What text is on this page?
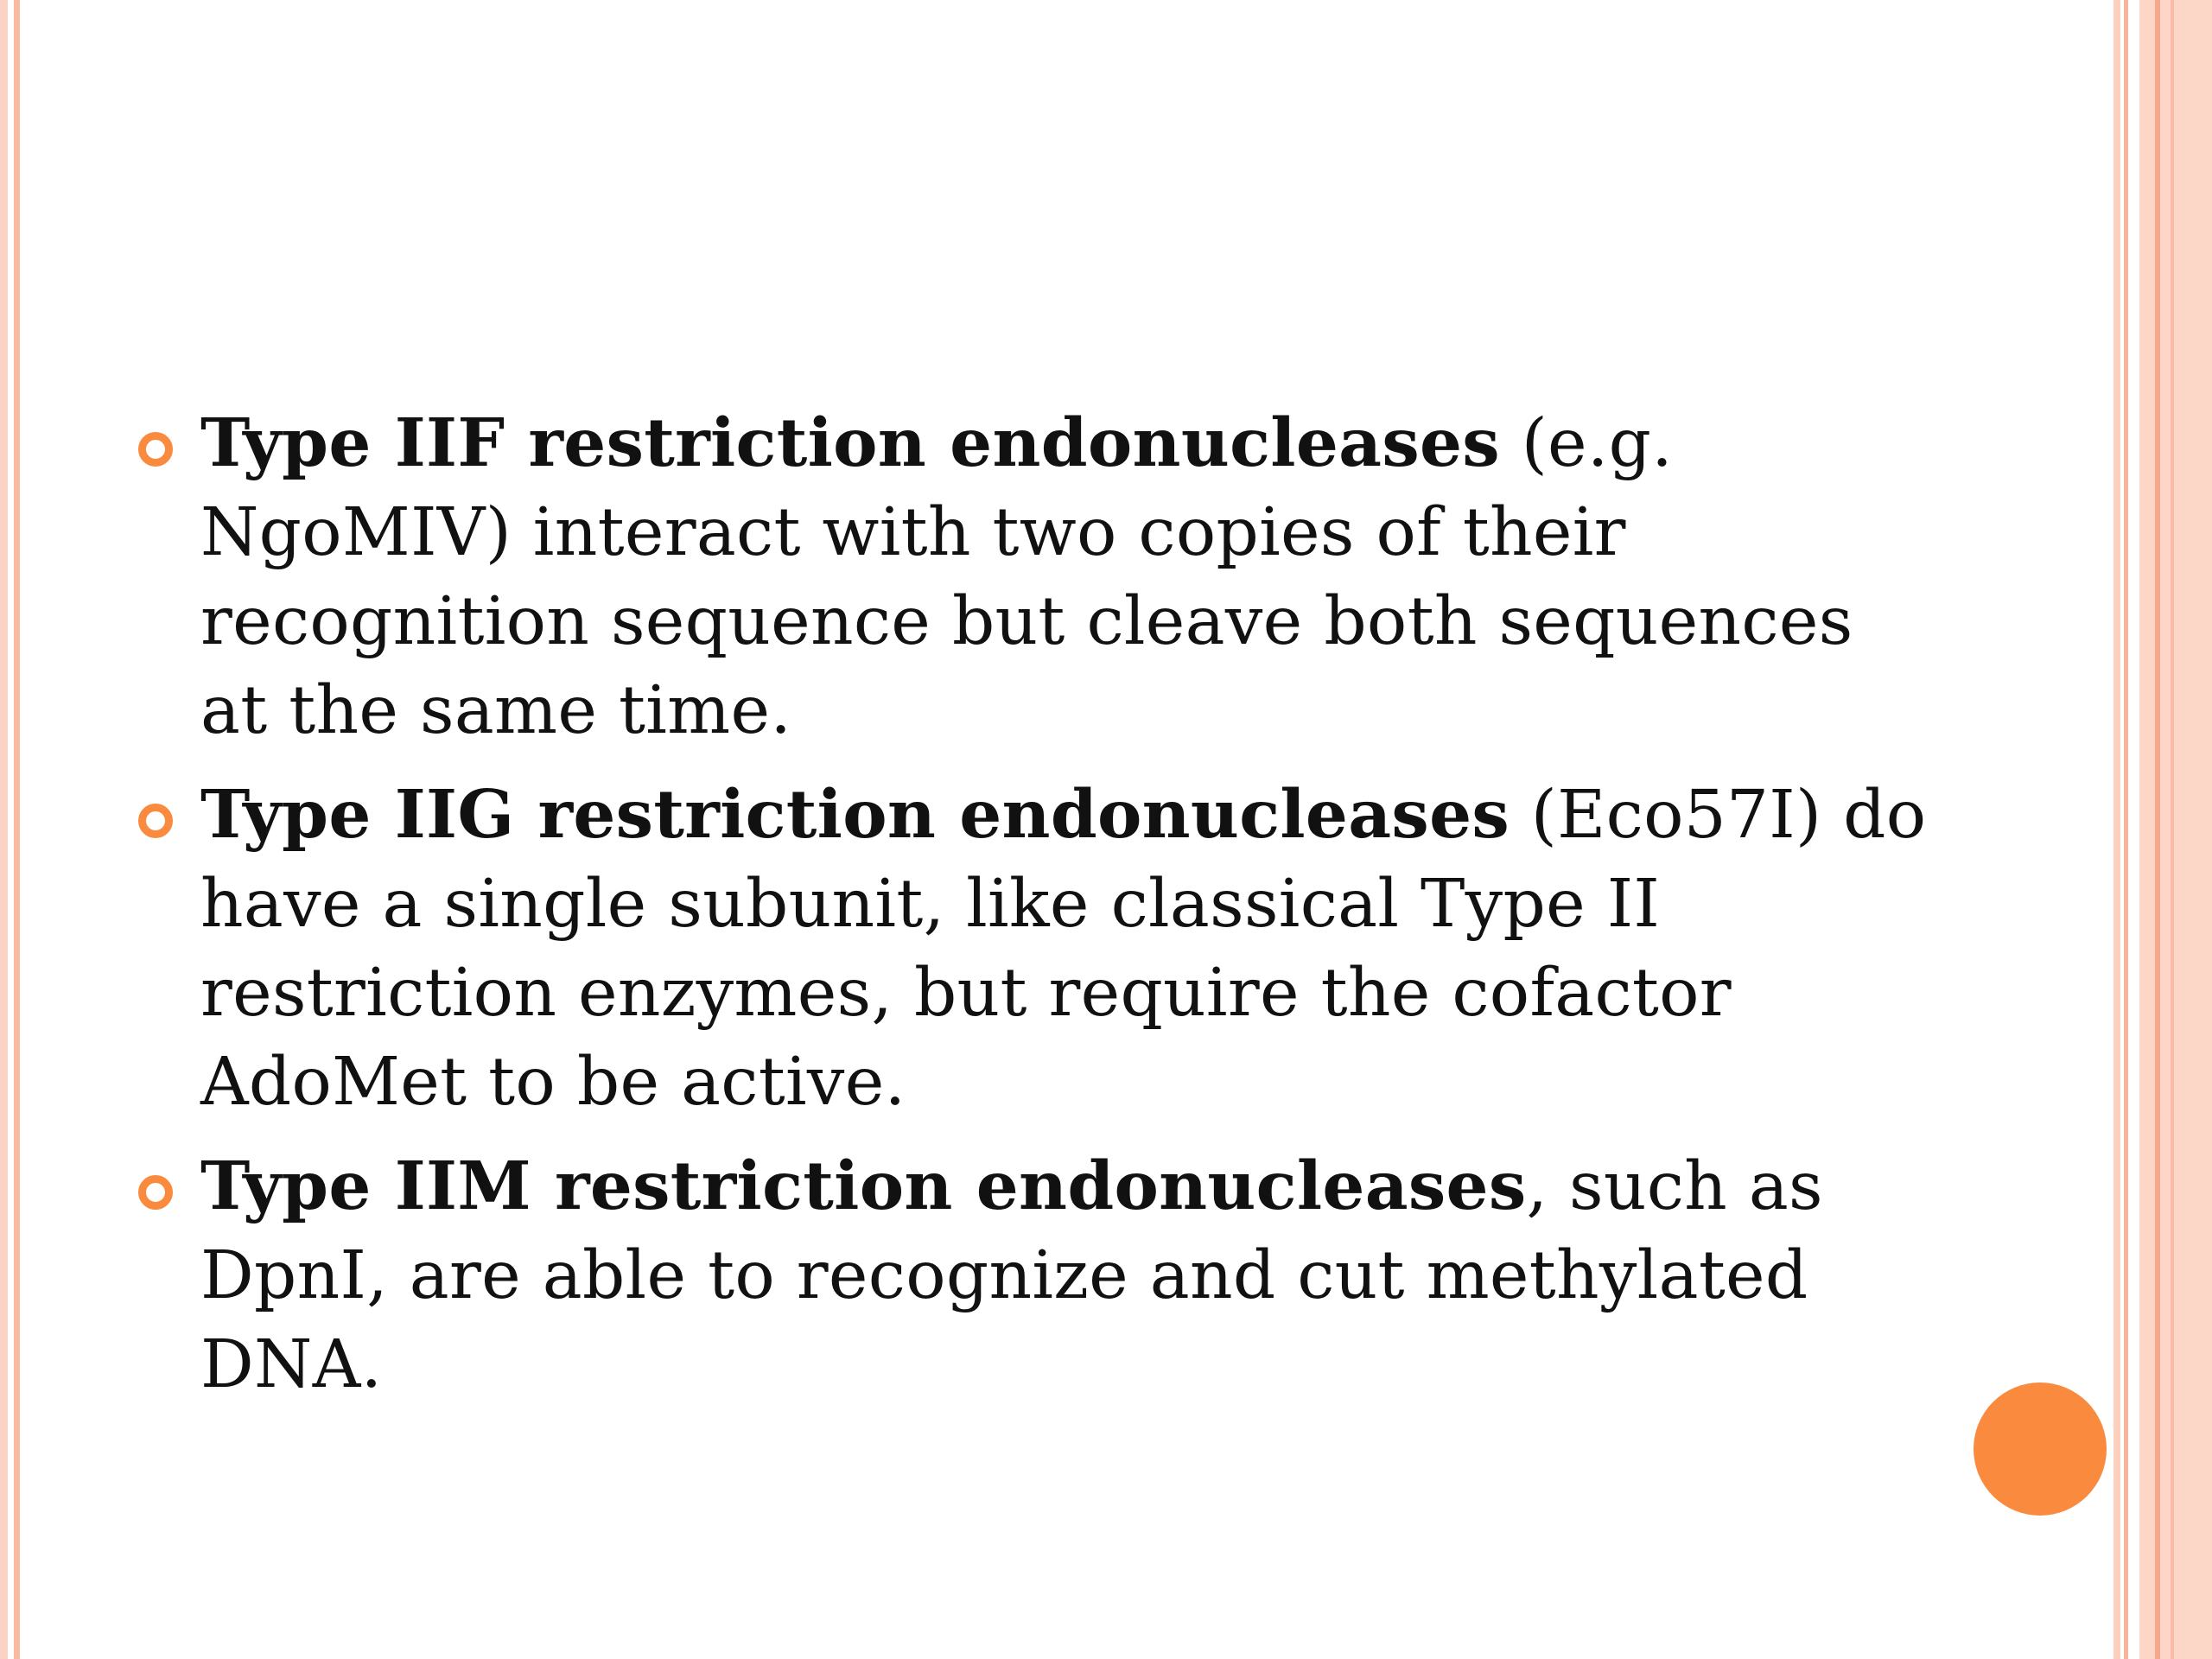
Type IIF restriction endonucleases (e.g. NgoMIV) interact with two copies of their recognition sequence but cleave both sequences at the same time.
Type IIG restriction endonucleases (Eco57I) do have a single subunit, like classical Type II restriction enzymes, but require the cofactor AdoMet to be active.
Type IIM restriction endonucleases, such as DpnI, are able to recognize and cut methylated DNA.
